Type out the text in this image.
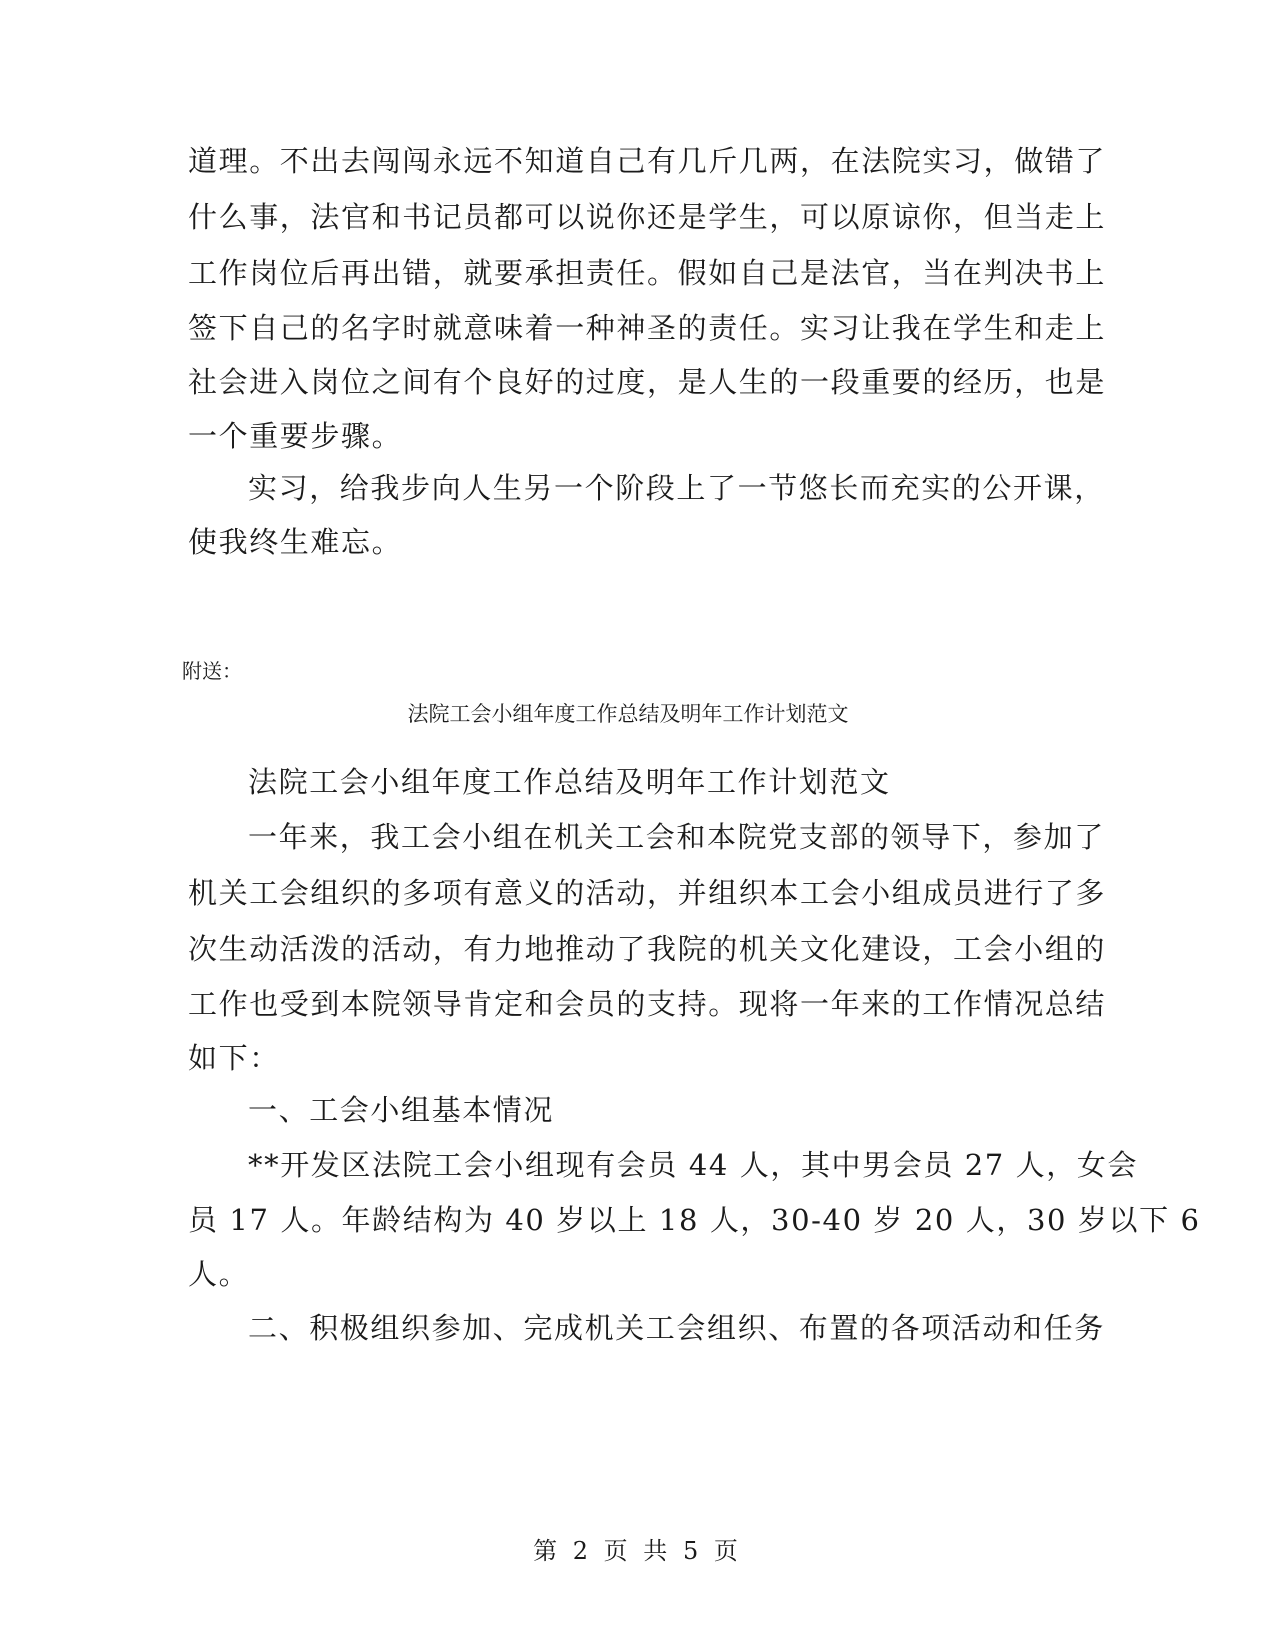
道理。不出去闯闯永远不知道自己有几斤几两，在法院实习，做错了
什么事，法官和书记员都可以说你还是学生，可以原谅你，但当走上
工作岗位后再出错，就要承担责任。假如自己是法官，当在判决书上
签下自己的名字时就意味着一种神圣的责任。实习让我在学生和走上
社会进入岗位之间有个良好的过度，是人生的一段重要的经历，也是
一个重要步骤。
实习，给我步向人生另一个阶段上了一节悠长而充实的公开课，
使我终生难忘。
附送：
法院工会小组年度工作总结及明年工作计划范文
法院工会小组年度工作总结及明年工作计划范文
一年来，我工会小组在机关工会和本院党支部的领导下，参加了
机关工会组织的多项有意义的活动，并组织本工会小组成员进行了多
次生动活泼的活动，有力地推动了我院的机关文化建设，工会小组的
工作也受到本院领导肯定和会员的支持。现将一年来的工作情况总结
如下：
一、工会小组基本情况
**开发区法院工会小组现有会员 44 人，其中男会员 27 人，女会
员 17 人。年龄结构为 40 岁以上 18 人，30-40 岁 20 人，30 岁以下 6
人。
二、积极组织参加、完成机关工会组织、布置的各项活动和任务
第 2 页 共 5 页
